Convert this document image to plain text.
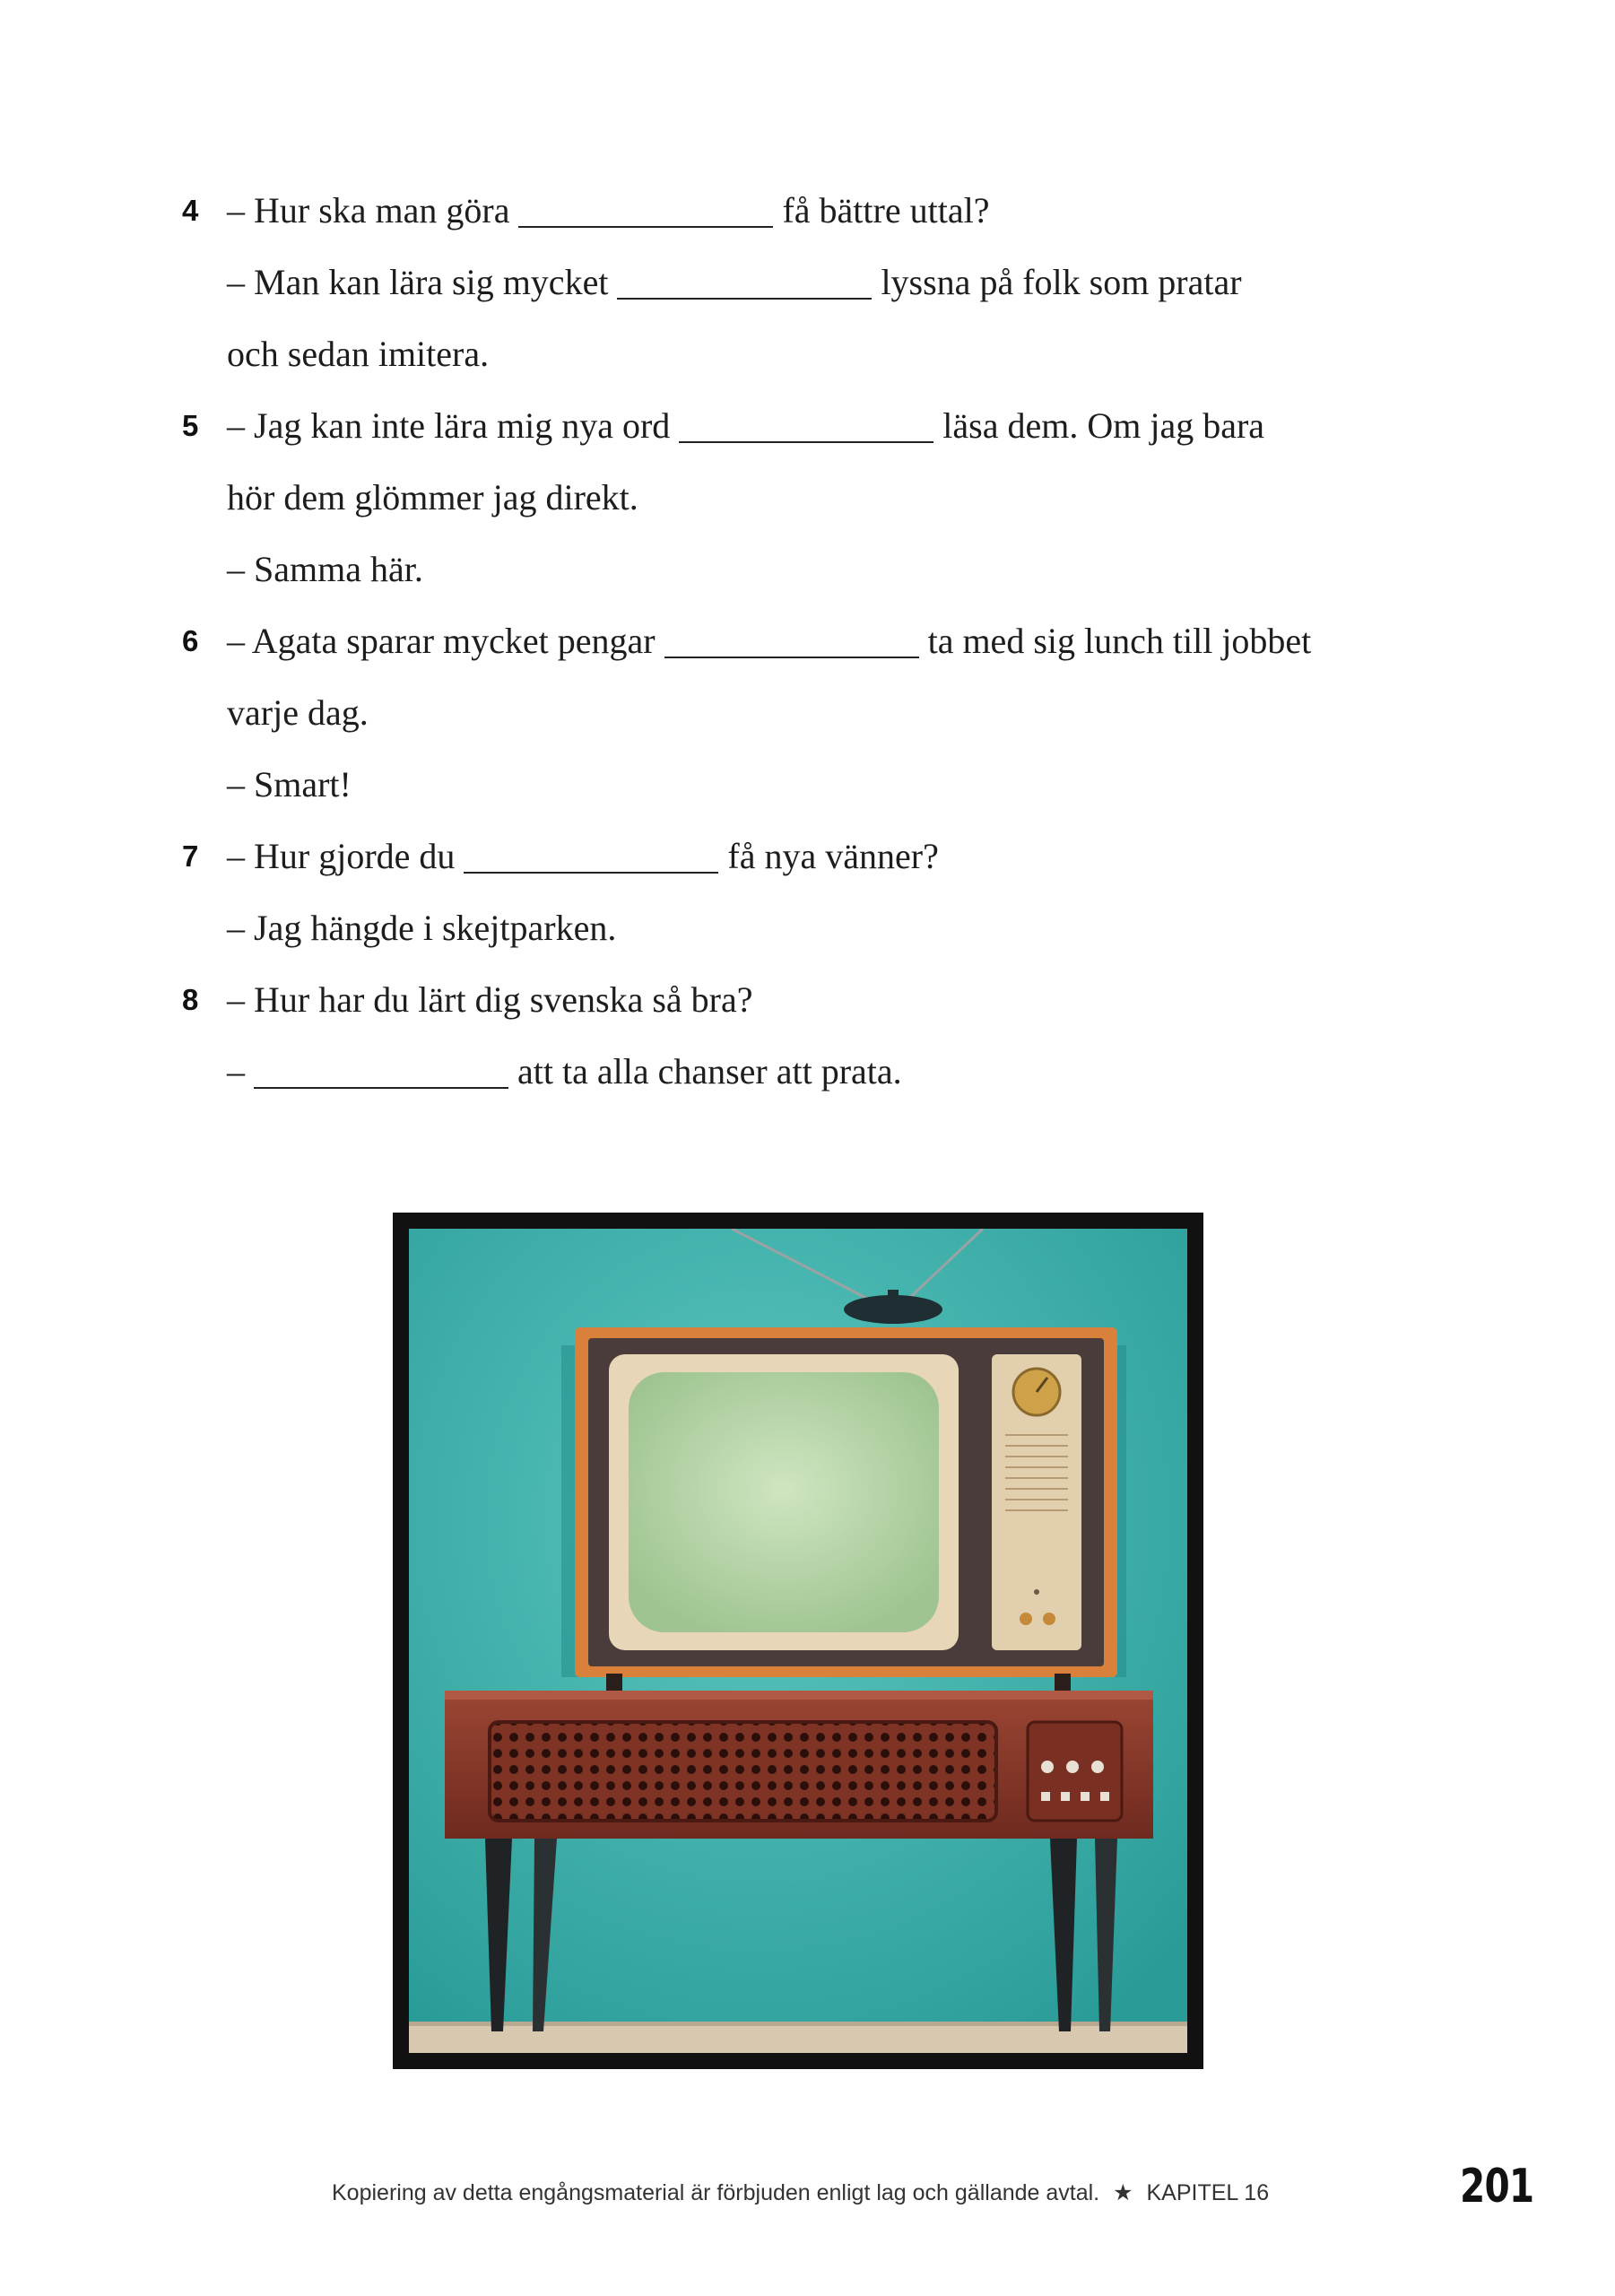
4 – Hur ska man göra	få bättre uttal?
– Man kan lära sig mycket	lyssna på folk som pratar
och sedan imitera.
5 – Jag kan inte lära mig nya ord	läsa dem. Om jag bara
hör dem glömmer jag direkt.
– Samma här.
6 – Agata sparar mycket pengar	ta med sig lunch till jobbet
varje dag.
– Smart!
7 – Hur gjorde du	få nya vänner?
– Jag hängde i skejtparken.
8 – Hur har du lärt dig svenska så bra?
–	att ta alla chanser att prata.
Kopiering av detta engångsmaterial är förbjuden enligt lag och gällande avtal. ★ KAPITEL 16	201
